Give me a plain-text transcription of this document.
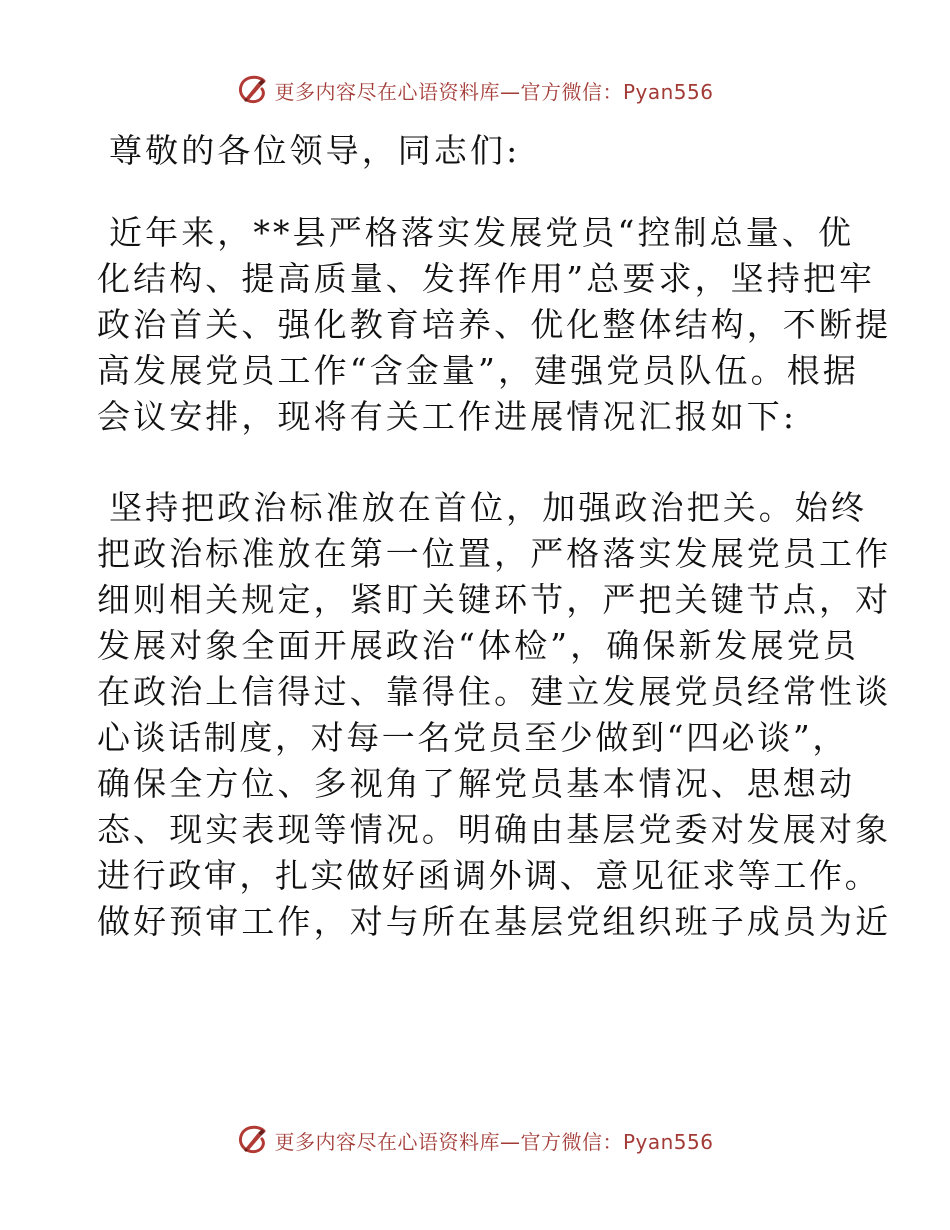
更多内容尽在心语资料库—官方微信：Pyan556

尊敬的各位领导，同志们:

近年来，**县严格落实发展党员“控制总量、优
化结构、提高质量、发挥作用”总要求，坚持把牢
政治首关、强化教育培养、优化整体结构，不断提
高发展党员工作“含金量”，建强党员队伍。根据
会议安排，现将有关工作进展情况汇报如下:
坚持把政治标准放在首位，加强政治把关。始终
把政治标准放在第一位置，严格落实发展党员工作
细则相关规定，紧盯关键环节，严把关键节点，对
发展对象全面开展政治“体检”，确保新发展党员
在政治上信得过、靠得住。建立发展党员经常性谈
心谈话制度，对每一名党员至少做到“四必谈”，
确保全方位、多视角了解党员基本情况、思想动
态、现实表现等情况。明确由基层党委对发展对象
进行政审，扎实做好函调外调、意见征求等工作。
做好预审工作，对与所在基层党组织班子成员为近
更多内容尽在心语资料库—官方微信：Pyan556
